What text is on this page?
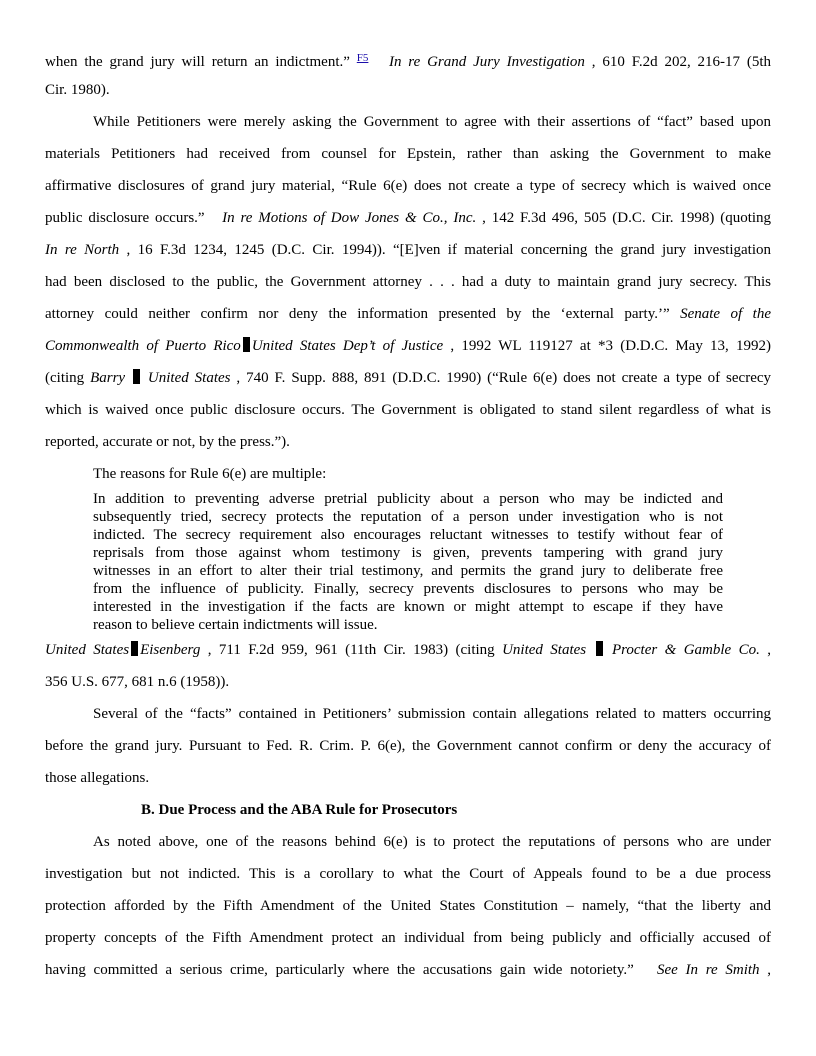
when the grand jury will return an indictment.” $^{F5}$ In re Grand Jury Investigation , 610 F.2d 202, 216-17 (5th
Cir. 1980).
While Petitioners were merely asking the Government to agree with their assertions of “fact” based upon
materials Petitioners had received from counsel for Epstein, rather than asking the Government to make
affirmative disclosures of grand jury material, “Rule 6(e) does not create a type of secrecy which is waived once
public disclosure occurs.” In re Motions of Dow Jones & Co., Inc. , 142 F.3d 496, 505 (D.C. Cir. 1998) (quoting
In re North , 16 F.3d 1234, 1245 (D.C. Cir. 1994)). “[E]ven if material concerning the grand jury investigation
had been disclosed to the public, the Government attorney . . . had a duty to maintain grand jury secrecy. This
attorney could neither confirm nor deny the information presented by the ‘external party.’” Senate of the
Commonwealth of Puerto Rico United States Dep’t of Justice , 1992 WL 119127 at *3 (D.D.C. May 13, 1992)
(citing Barry United States , 740 F. Supp. 888, 891 (D.D.C. 1990) (“Rule 6(e) does not create a type of secrecy
which is waived once public disclosure occurs. The Government is obligated to stand silent regardless of what is
reported, accurate or not, by the press.”).
The reasons for Rule 6(e) are multiple:
In addition to preventing adverse pretrial publicity about a person who may be indicted and
subsequently tried, secrecy protects the reputation of a person under investigation who is not
indicted. The secrecy requirement also encourages reluctant witnesses to testify without fear of
reprisals from those against whom testimony is given, prevents tampering with grand jury
witnesses in an effort to alter their trial testimony, and permits the grand jury to deliberate free
from the influence of publicity. Finally, secrecy prevents disclosures to persons who may be
interested in the investigation if the facts are known or might attempt to escape if they have
reason to believe certain indictments will issue.
United States Eisenberg , 711 F.2d 959, 961 (11th Cir. 1983) (citing United States Procter & Gamble Co. ,
356 U.S. 677, 681 n.6 (1958)).
Several of the “facts” contained in Petitioners’ submission contain allegations related to matters occurring
before the grand jury. Pursuant to Fed. R. Crim. P. 6(e), the Government cannot confirm or deny the accuracy of
those allegations.
B. Due Process and the ABA Rule for Prosecutors
As noted above, one of the reasons behind 6(e) is to protect the reputations of persons who are under
investigation but not indicted. This is a corollary to what the Court of Appeals found to be a due process
protection afforded by the Fifth Amendment of the United States Constitution – namely, “that the liberty and
property concepts of the Fifth Amendment protect an individual from being publicly and officially accused of
having committed a serious crime, particularly where the accusations gain wide notoriety.” See In re Smith ,
